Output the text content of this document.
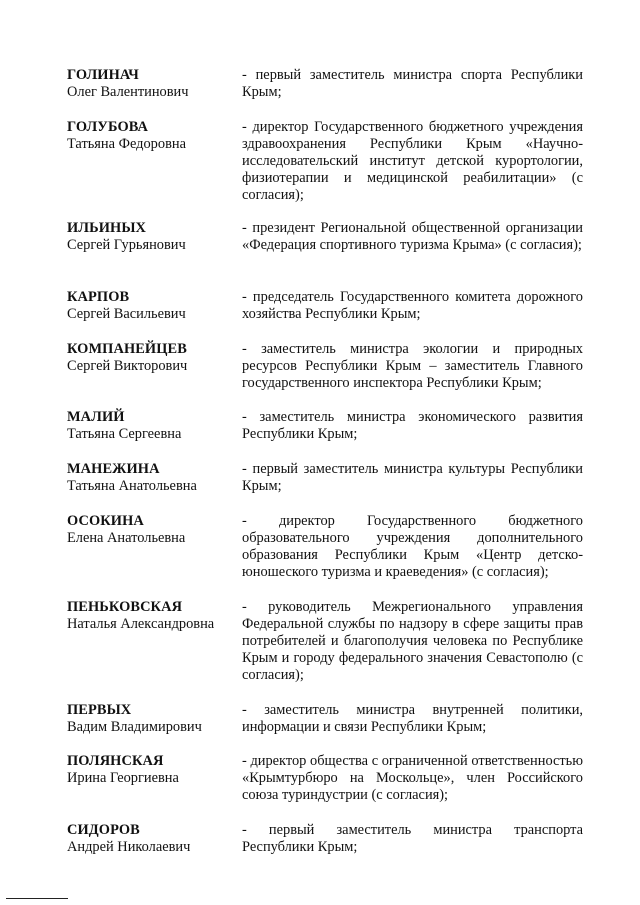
ГОЛИНАЧ
Олег Валентинович
- первый заместитель министра спорта Республики Крым;
ГОЛУБОВА
Татьяна Федоровна
- директор Государственного бюджетного учреждения здравоохранения Республики Крым «Научно-исследовательский институт детской курортологии, физиотерапии и медицинской реабилитации» (с согласия);
ИЛЬИНЫХ
Сергей Гурьянович
- президент Региональной общественной организации «Федерация спортивного туризма Крыма» (с согласия);
КАРПОВ
Сергей Васильевич
- председатель Государственного комитета дорожного хозяйства Республики Крым;
КОМПАНЕЙЦЕВ
Сергей Викторович
- заместитель министра экологии и природных ресурсов Республики Крым – заместитель Главного государственного инспектора Республики Крым;
МАЛИЙ
Татьяна Сергеевна
- заместитель министра экономического развития Республики Крым;
МАНЕЖИНА
Татьяна Анатольевна
- первый заместитель министра культуры Республики Крым;
ОСОКИНА
Елена Анатольевна
- директор Государственного бюджетного образовательного учреждения дополнительного образования Республики Крым «Центр детско-юношеского туризма и краеведения» (с согласия);
ПЕНЬКОВСКАЯ
Наталья Александровна
- руководитель Межрегионального управления Федеральной службы по надзору в сфере защиты прав потребителей и благополучия человека по Республике Крым и городу федерального значения Севастополю (с согласия);
ПЕРВЫХ
Вадим Владимирович
- заместитель министра внутренней политики, информации и связи Республики Крым;
ПОЛЯНСКАЯ
Ирина Георгиевна
- директор общества с ограниченной ответственностью «Крымтурбюро на Москольце», член Российского союза туриндустрии (с согласия);
СИДОРОВ
Андрей Николаевич
- первый заместитель министра транспорта Республики Крым;
